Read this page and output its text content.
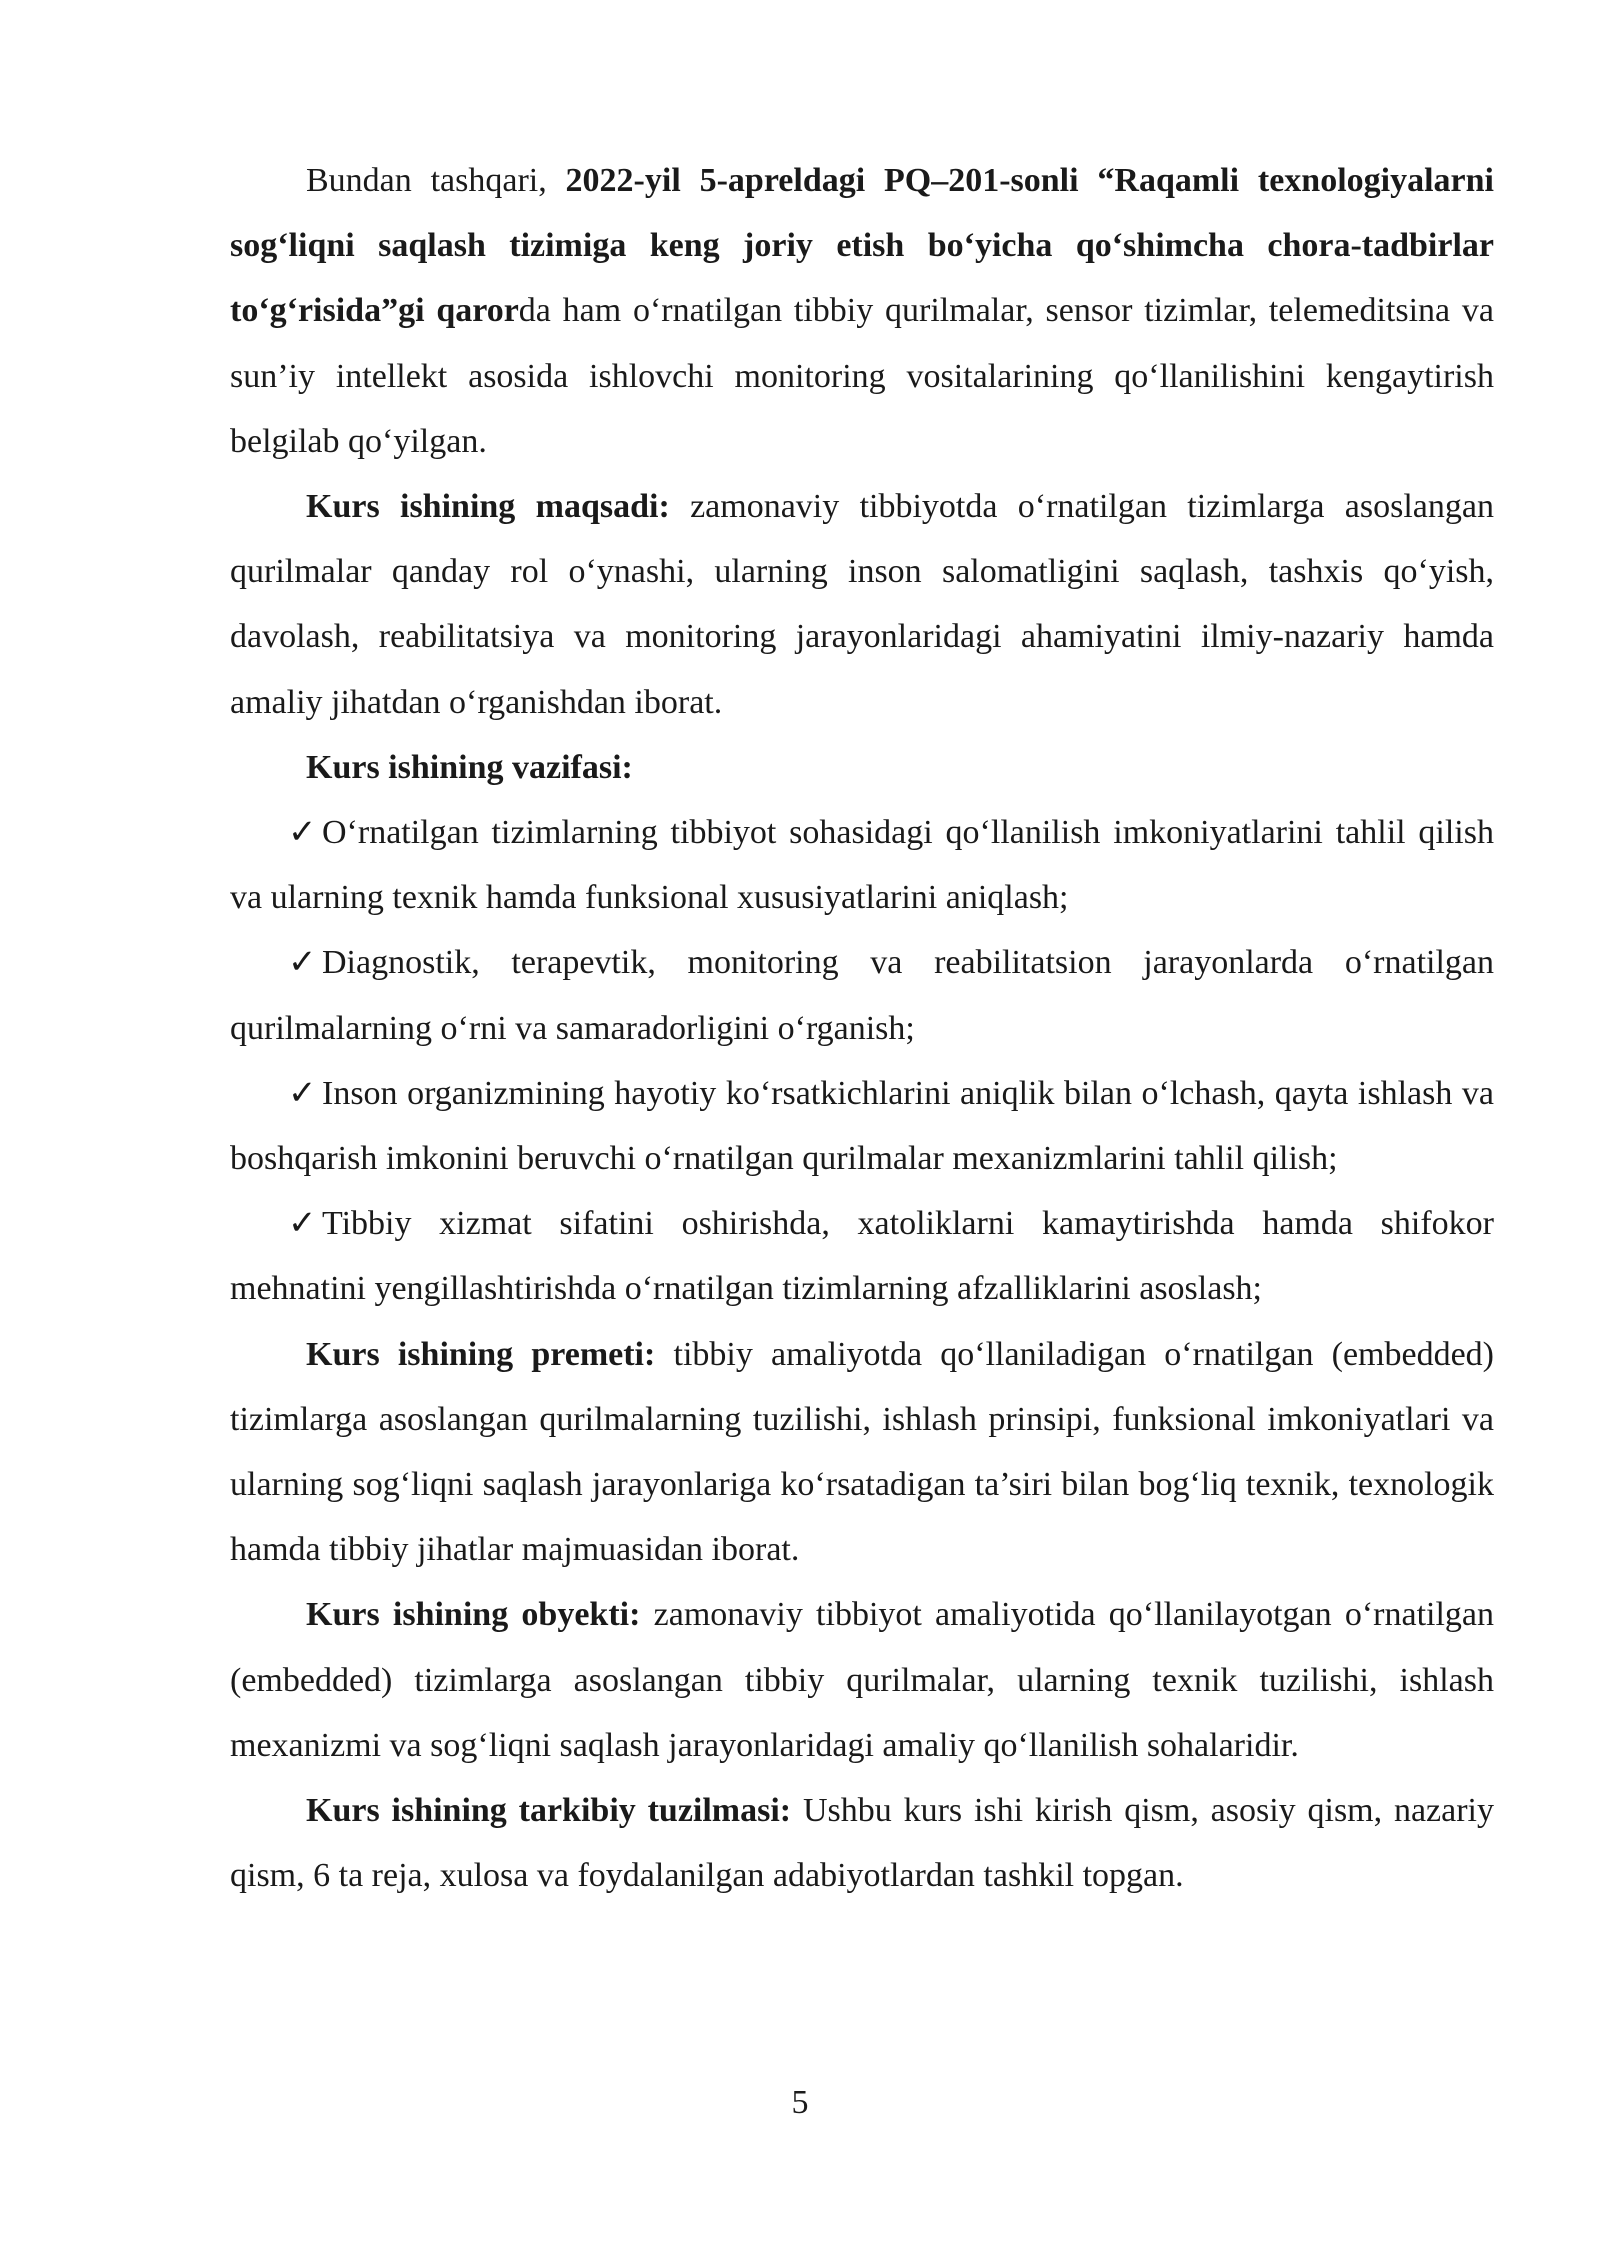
Bundan tashqari, 2022-yil 5-apreldagi PQ–201-sonli “Raqamli texnologiyalarni sog‘liqni saqlash tizimiga keng joriy etish bo‘yicha qo‘shimcha chora-tadbirlar to‘g‘risida”gi qarorda ham o‘rnatilgan tibbiy qurilmalar, sensor tizimlar, telemeditsina va sun’iy intellekt asosida ishlovchi monitoring vositalarining qo‘llanilishini kengaytirish belgilab qo‘yilgan.

Kurs ishining maqsadi: zamonaviy tibbiyotda o‘rnatilgan tizimlarga asoslangan qurilmalar qanday rol o‘ynashi, ularning inson salomatligini saqlash, tashxis qo‘yish, davolash, reabilitatsiya va monitoring jarayonlaridagi ahamiyatini ilmiy-nazariy hamda amaliy jihatdan o‘rganishdan iborat.

Kurs ishining vazifasi:

✓ O‘rnatilgan tizimlarning tibbiyot sohasidagi qo‘llanilish imkoniyatlarini tahlil qilish va ularning texnik hamda funksional xususiyatlarini aniqlash;

✓ Diagnostik, terapevtik, monitoring va reabilitatsion jarayonlarda o‘rnatilgan qurilmalarning o‘rni va samaradorligini o‘rganish;

✓ Inson organizmining hayotiy ko‘rsatkichlarini aniqlik bilan o‘lchash, qayta ishlash va boshqarish imkonini beruvchi o‘rnatilgan qurilmalar mexanizmlarini tahlil qilish;

✓ Tibbiy xizmat sifatini oshirishda, xatoliklarni kamaytirishda hamda shifokor mehnatini yengillashtirishda o‘rnatilgan tizimlarning afzalliklarini asoslash;

Kurs ishining premeti: tibbiy amaliyotda qo‘llaniladigan o‘rnatilgan (embedded) tizimlarga asoslangan qurilmalarning tuzilishi, ishlash prinsipi, funksional imkoniyatlari va ularning sog‘liqni saqlash jarayonlariga ko‘rsatadigan ta’siri bilan bog‘liq texnik, texnologik hamda tibbiy jihatlar majmuasidan iborat.

Kurs ishining obyekti: zamonaviy tibbiyot amaliyotida qo‘llanilayotgan o‘rnatilgan (embedded) tizimlarga asoslangan tibbiy qurilmalar, ularning texnik tuzilishi, ishlash mexanizmi va sog‘liqni saqlash jarayonlaridagi amaliy qo‘llanilish sohalaridir.

Kurs ishining tarkibiy tuzilmasi: Ushbu kurs ishi kirish qism, asosiy qism, nazariy qism, 6 ta reja, xulosa va foydalanilgan adabiyotlardan tashkil topgan.

5
